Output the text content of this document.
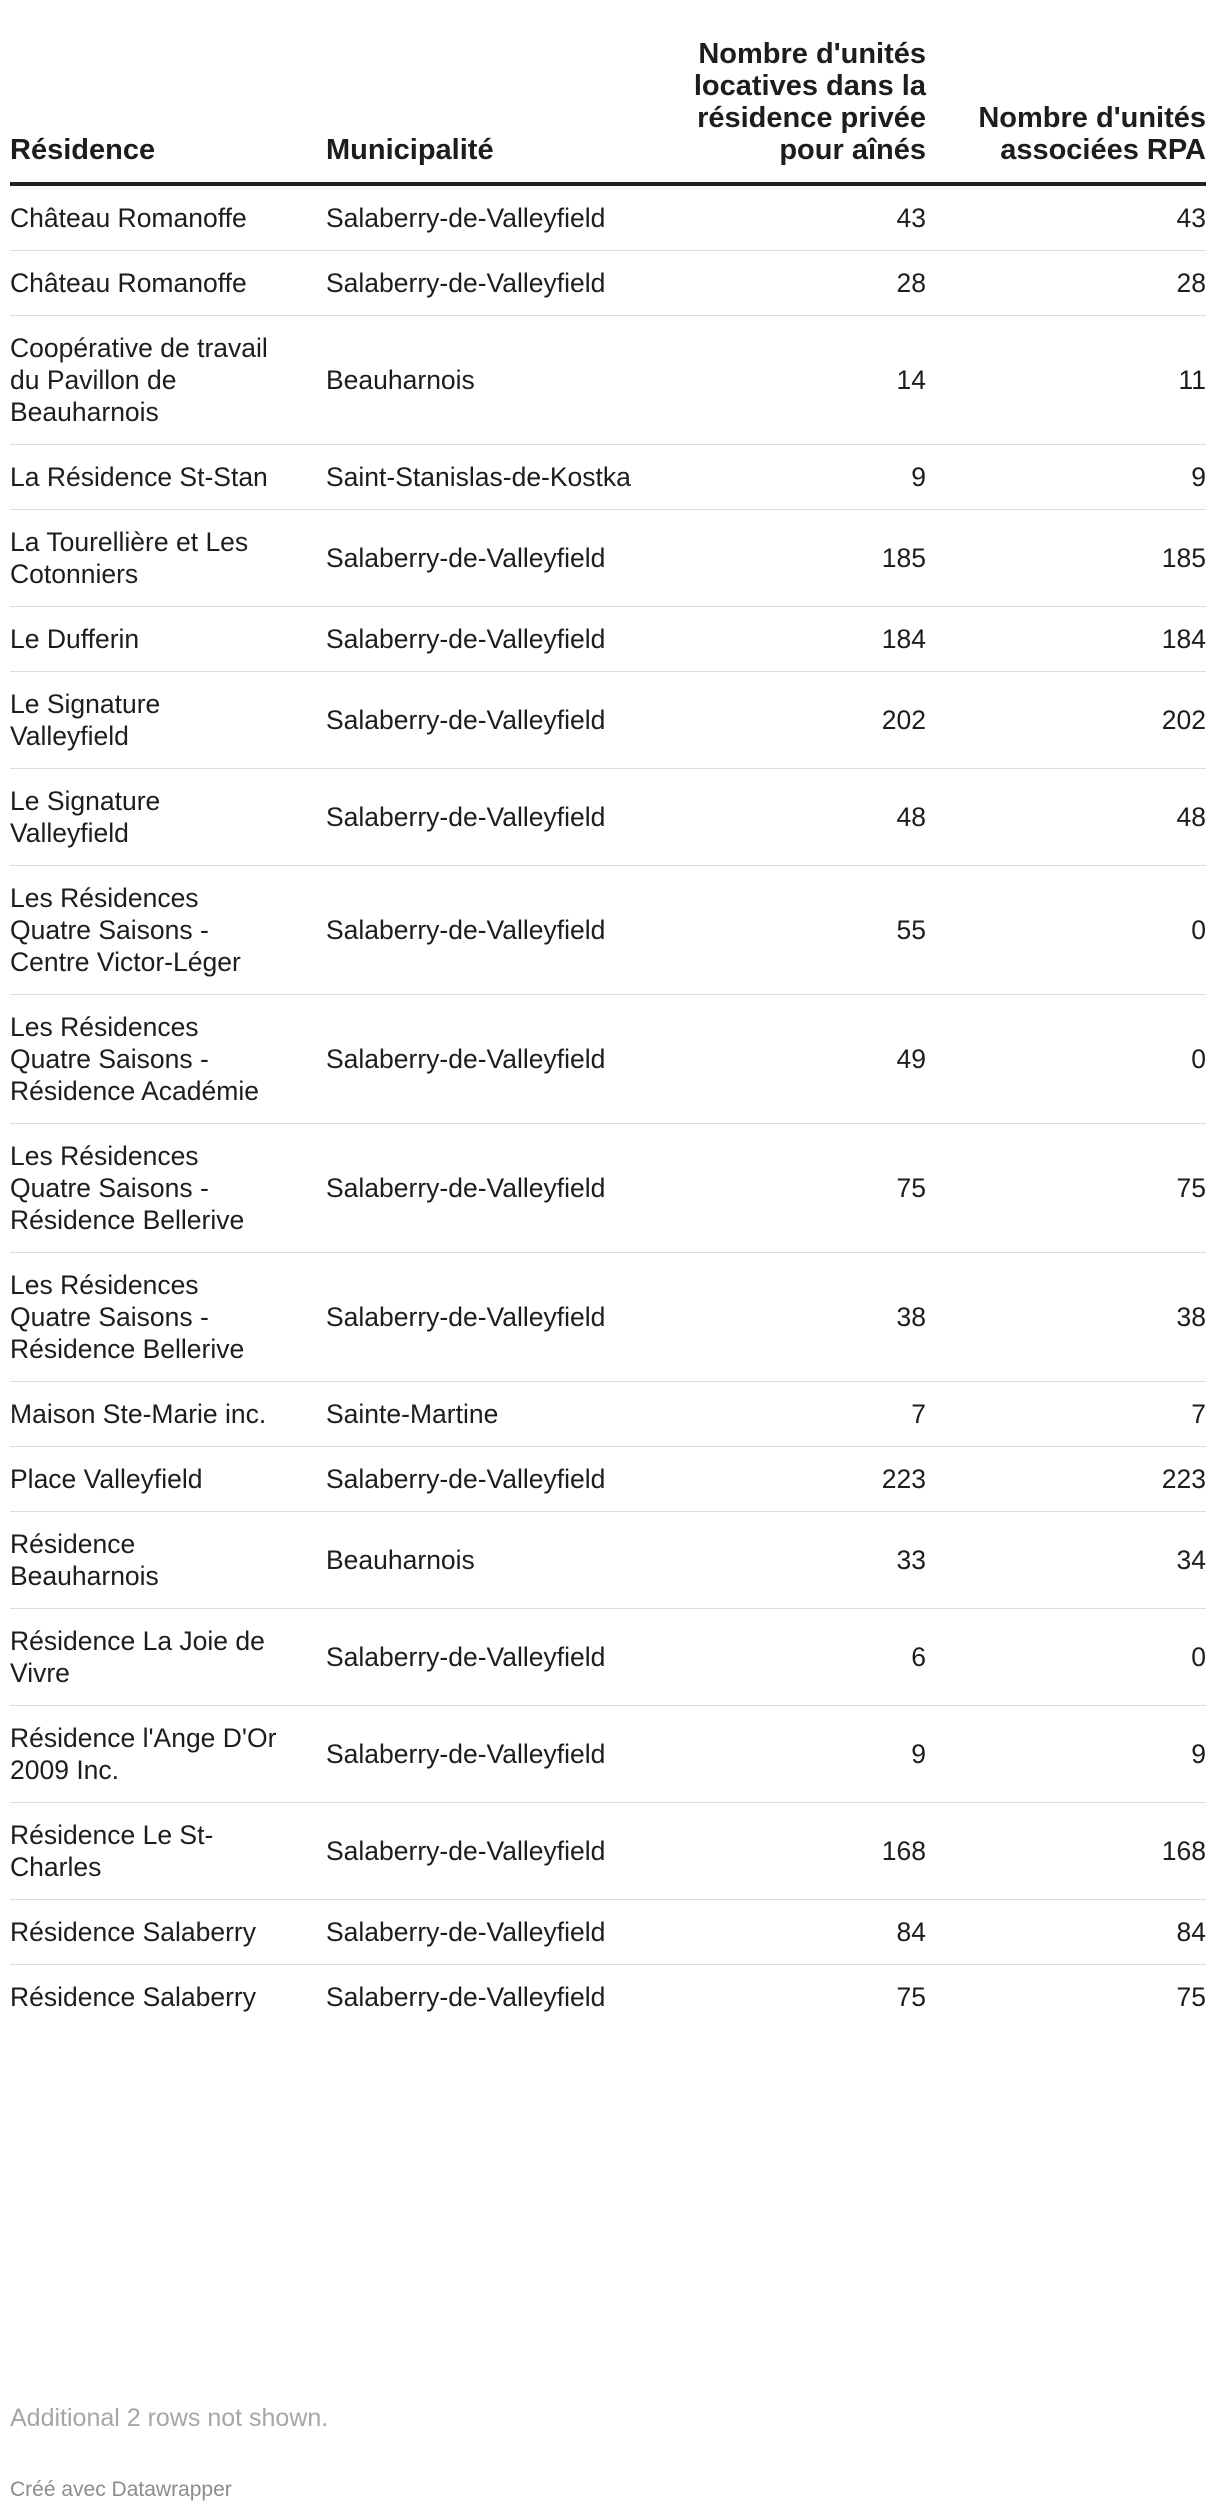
Résidence	Municipalité	Nombre d'unités locatives dans la résidence privée pour aînés	Nombre d'unités associées RPA
Château Romanoffe	Salaberry-de-Valleyfield	43	43
Château Romanoffe	Salaberry-de-Valleyfield	28	28
Coopérative de travail du Pavillon de Beauharnois	Beauharnois	14	11
La Résidence St-Stan	Saint-Stanislas-de-Kostka	9	9
La Tourellière et Les Cotonniers	Salaberry-de-Valleyfield	185	185
Le Dufferin	Salaberry-de-Valleyfield	184	184
Le Signature Valleyfield	Salaberry-de-Valleyfield	202	202
Le Signature Valleyfield	Salaberry-de-Valleyfield	48	48
Les Résidences Quatre Saisons - Centre Victor-Léger	Salaberry-de-Valleyfield	55	0
Les Résidences Quatre Saisons - Résidence Académie	Salaberry-de-Valleyfield	49	0
Les Résidences Quatre Saisons - Résidence Bellerive	Salaberry-de-Valleyfield	75	75
Les Résidences Quatre Saisons - Résidence Bellerive	Salaberry-de-Valleyfield	38	38
Maison Ste-Marie inc.	Sainte-Martine	7	7
Place Valleyfield	Salaberry-de-Valleyfield	223	223
Résidence Beauharnois	Beauharnois	33	34
Résidence La Joie de Vivre	Salaberry-de-Valleyfield	6	0
Résidence l'Ange D'Or 2009 Inc.	Salaberry-de-Valleyfield	9	9
Résidence Le St-Charles	Salaberry-de-Valleyfield	168	168
Résidence Salaberry	Salaberry-de-Valleyfield	84	84
Résidence Salaberry	Salaberry-de-Valleyfield	75	75
Additional 2 rows not shown.
Créé avec Datawrapper
